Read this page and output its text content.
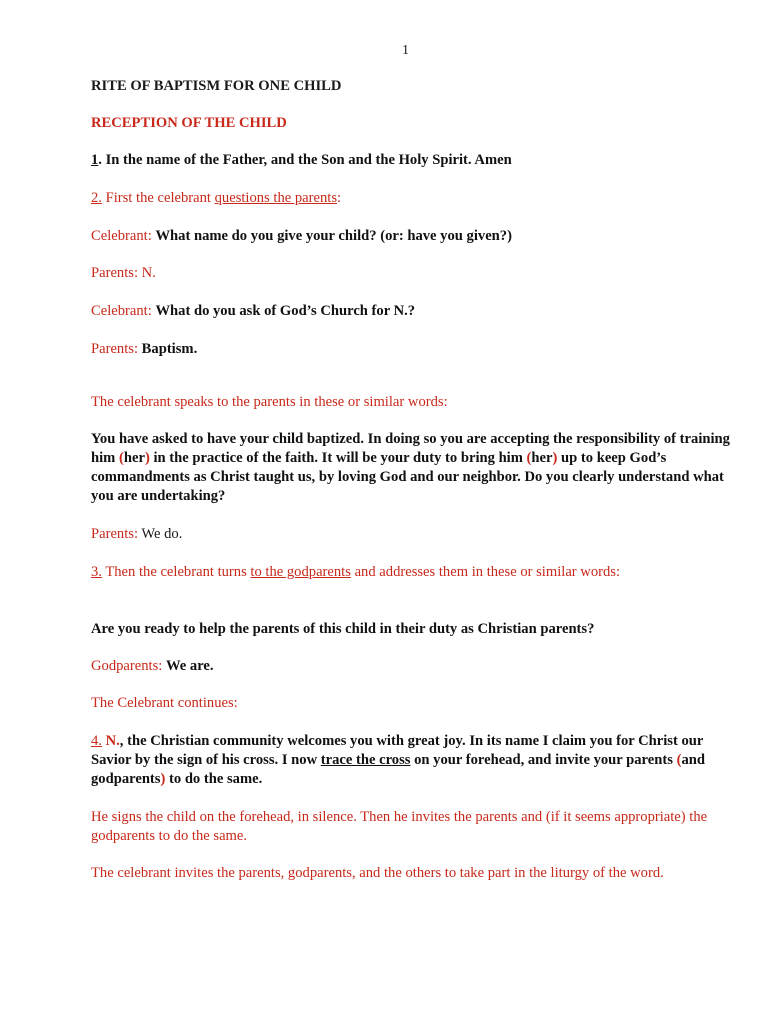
1
RITE OF BAPTISM FOR ONE CHILD
RECEPTION OF THE CHILD
1. In the name of the Father, and the Son and the Holy Spirit. Amen
2. First the celebrant questions the parents:
Celebrant: What name do you give your child? (or: have you given?)
Parents: N.
Celebrant: What do you ask of God’s Church for N.?
Parents: Baptism.
The celebrant speaks to the parents in these or similar words:
You have asked to have your child baptized. In doing so you are accepting the responsibility of training him (her) in the practice of the faith. It will be your duty to bring him (her) up to keep God’s commandments as Christ taught us, by loving God and our neighbor. Do you clearly understand what you are undertaking?
Parents: We do.
3. Then the celebrant turns to the godparents and addresses them in these or similar words:
Are you ready to help the parents of this child in their duty as Christian parents?
Godparents: We are.
The Celebrant continues:
4. N., the Christian community welcomes you with great joy. In its name I claim you for Christ our Savior by the sign of his cross. I now trace the cross on your forehead, and invite your parents (and godparents) to do the same.
He signs the child on the forehead, in silence. Then he invites the parents and (if it seems appropriate) the godparents to do the same.
The celebrant invites the parents, godparents, and the others to take part in the liturgy of the word.
